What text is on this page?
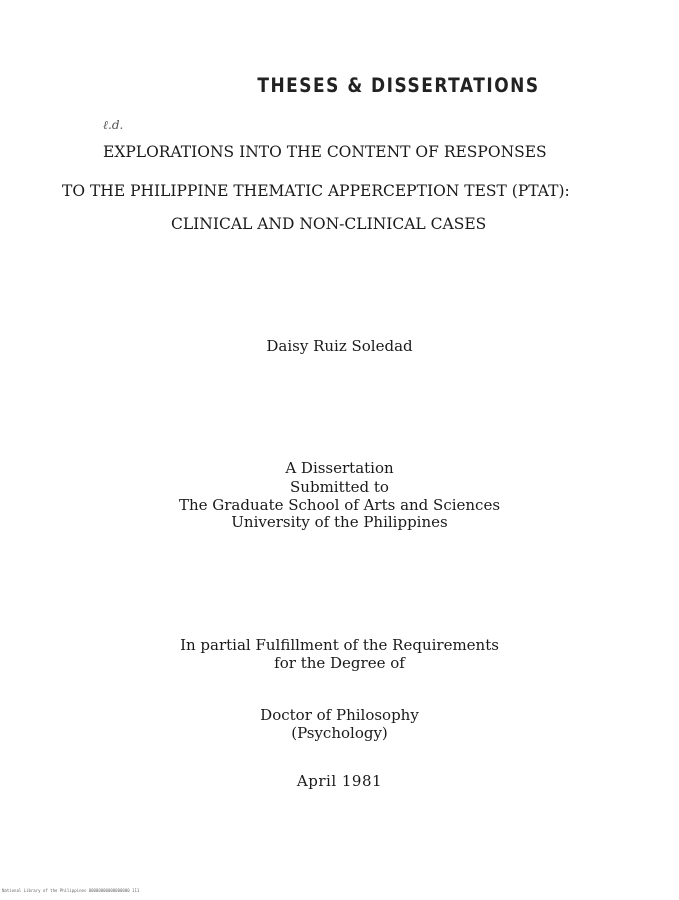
THESES & DISSERTATIONS
ℓ.d.
EXPLORATIONS INTO THE CONTENT OF RESPONSES
TO THE PHILIPPINE THEMATIC APPERCEPTION TEST (PTAT):
CLINICAL AND NON-CLINICAL CASES
Daisy Ruiz Soledad
A Dissertation
Submitted to
The Graduate School of Arts and Sciences
University of the Philippines
In partial Fulfillment of the Requirements
for the Degree of
Doctor of Philosophy
(Psychology)
April 1981
National Library of the Philippines 00000000000000000 111
